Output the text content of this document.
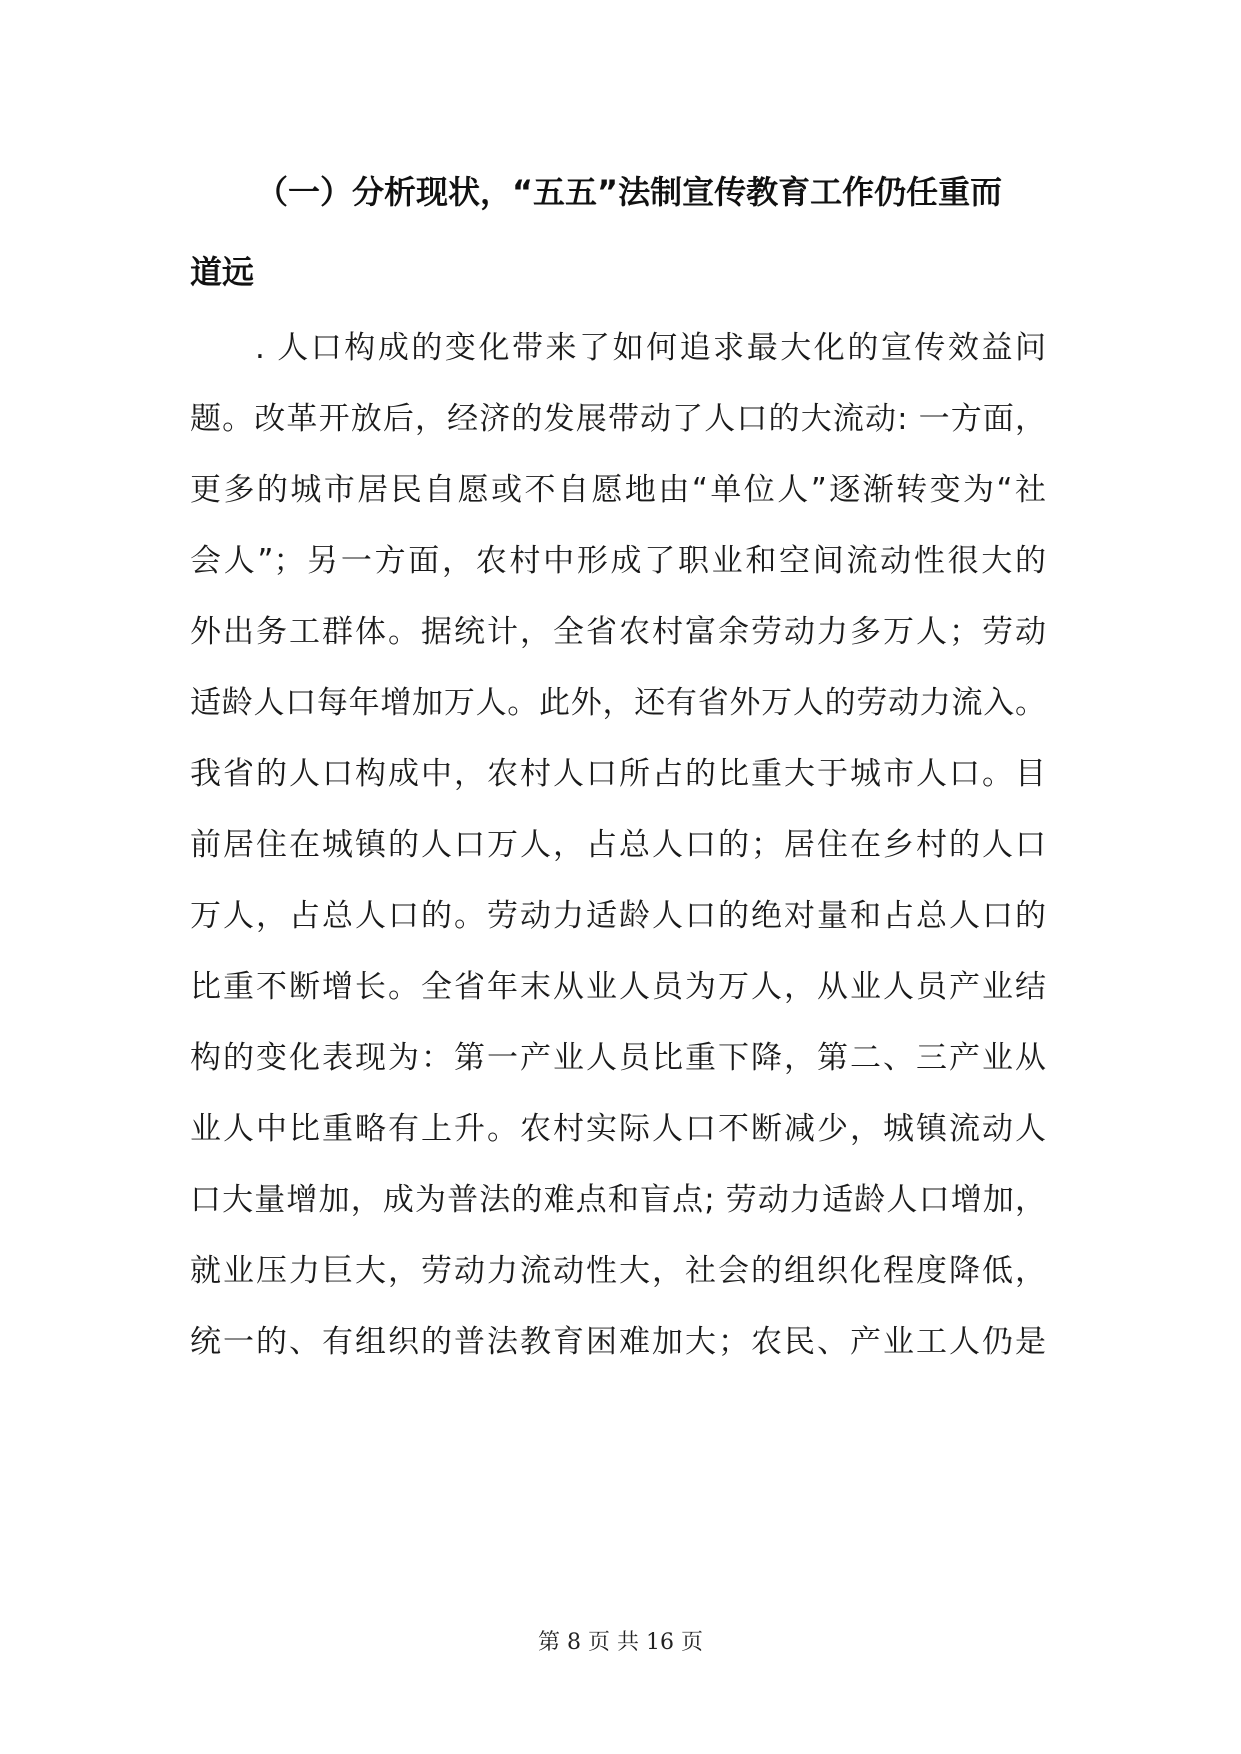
（一）分析现状，“五五”法制宣传教育工作仍任重而
道远
. 人口构成的变化带来了如何追求最大化的宣传效益问
题。改革开放后，经济的发展带动了人口的大流动: 一方面，
更多的城市居民自愿或不自愿地由“单位人”逐渐转变为“社
会人”；另一方面，农村中形成了职业和空间流动性很大的
外出务工群体。据统计，全省农村富余劳动力多万人；劳动
适龄人口每年增加万人。此外，还有省外万人的劳动力流入。
我省的人口构成中，农村人口所占的比重大于城市人口。目
前居住在城镇的人口万人，占总人口的；居住在乡村的人口
万人，占总人口的。劳动力适龄人口的绝对量和占总人口的
比重不断增长。全省年末从业人员为万人，从业人员产业结
构的变化表现为：第一产业人员比重下降，第二、三产业从
业人中比重略有上升。农村实际人口不断减少，城镇流动人
口大量增加，成为普法的难点和盲点; 劳动力适龄人口增加，
就业压力巨大，劳动力流动性大，社会的组织化程度降低，
统一的、有组织的普法教育困难加大；农民、产业工人仍是
第 8 页 共 16 页
